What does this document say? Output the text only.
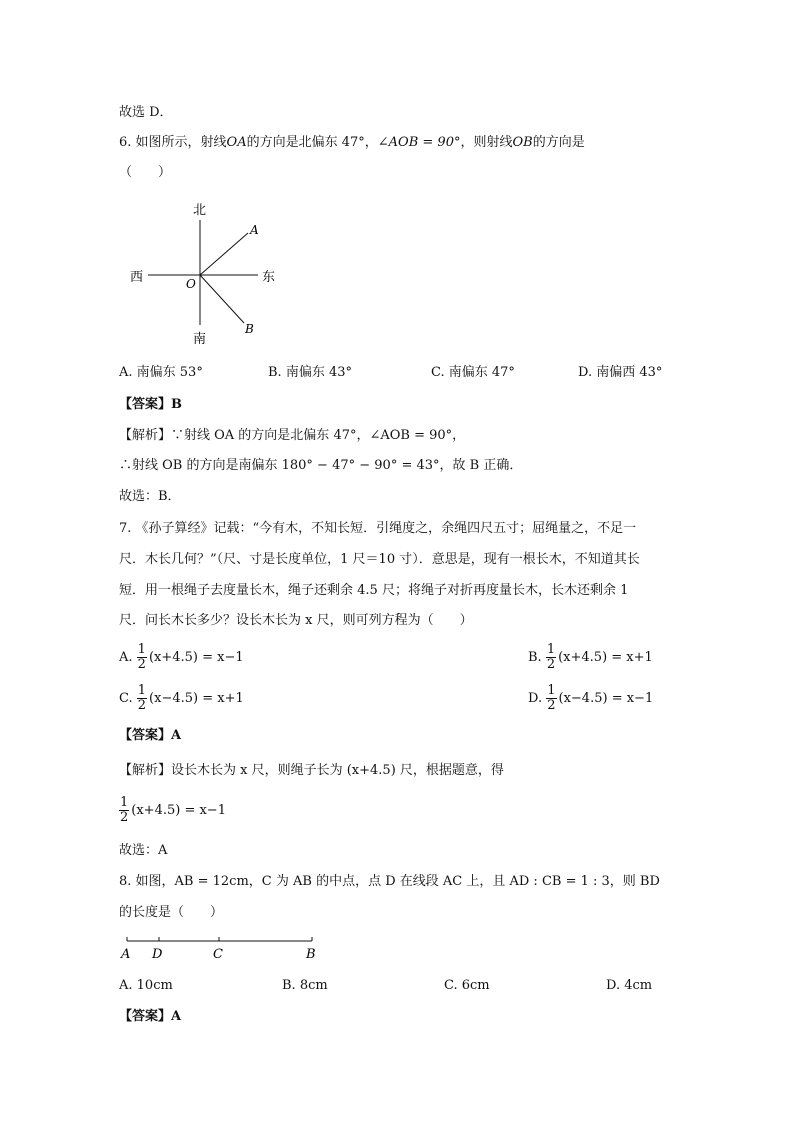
故选 D．
6. 如图所示，射线OA的方向是北偏东 47°，∠AOB = 90°，则射线OB的方向是
（　　）
北
南
西	东
A
B
O
A. 南偏东 53°	B. 南偏东 43°	C. 南偏东 47°	D. 南偏西 43°
【答案】B
【解析】∵射线 OA 的方向是北偏东 47°，∠AOB = 90°，
∴射线 OB 的方向是南偏东 180° − 47° − 90° = 43°，故 B 正确．
故选：B．
7. 《孙子算经》记载：“今有木，不知长短．引绳度之，余绳四尺五寸；屈绳量之，不足一
尺．木长几何？”（尺、寸是长度单位，1 尺＝10 寸）．意思是，现有一根长木，不知道其长
短．用一根绳子去度量长木，绳子还剩余 4.5 尺；将绳子对折再度量长木，长木还剩余 1
尺．问长木长多少？设长木长为 x 尺，则可列方程为（　　）
A. $\frac{1}{2} (x+4.5) = x-1$	B. $\frac{1}{2} (x+4.5) = x+1$
C. $\frac{1}{2} (x-4.5) = x+1$	D. $\frac{1}{2} (x-4.5) = x-1$
【答案】A
【解析】设长木长为 x 尺，则绳子长为 (x+4.5) 尺，根据题意，得
$\frac{1}{2} (x+4.5) = x-1$
故选：A
8. 如图，AB = 12cm，C 为 AB 的中点，点 D 在线段 AC 上，且 AD : CB = 1 : 3，则 BD
的长度是（　　）
A D	C	B
A. 10cm	B. 8cm	C. 6cm	D. 4cm
【答案】A
